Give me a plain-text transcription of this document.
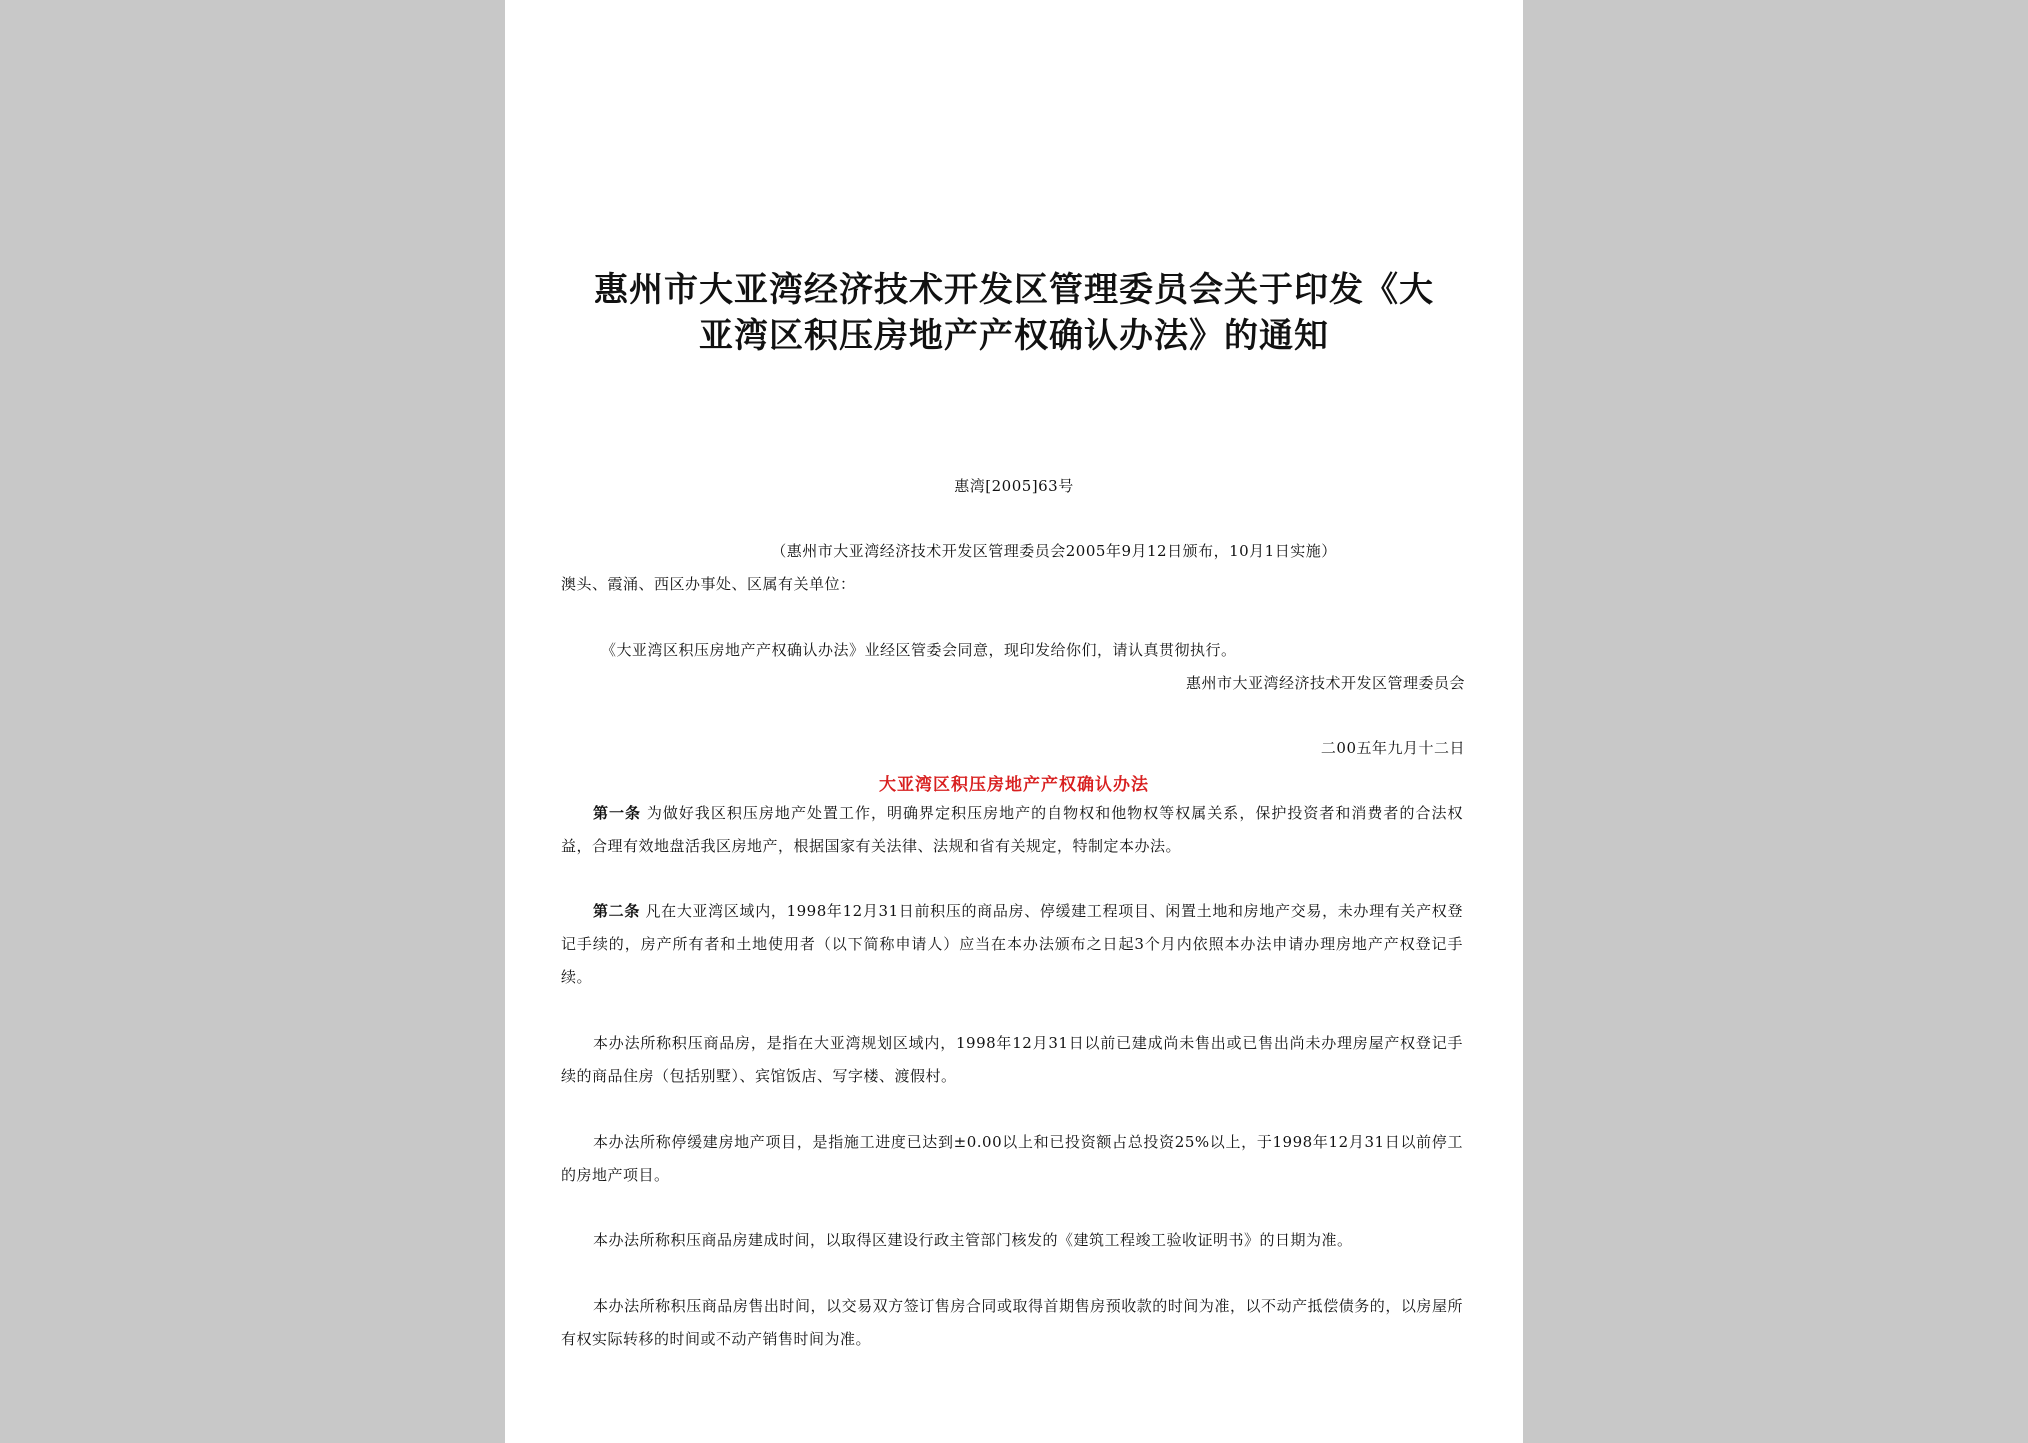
惠州市大亚湾经济技术开发区管理委员会关于印发《大
亚湾区积压房地产产权确认办法》的通知
惠湾[2005]63号
（惠州市大亚湾经济技术开发区管理委员会2005年9月12日颁布，10月1日实施）
澳头、霞涌、西区办事处、区属有关单位：
《大亚湾区积压房地产产权确认办法》业经区管委会同意，现印发给你们，请认真贯彻执行。
惠州市大亚湾经济技术开发区管理委员会
二00五年九月十二日
大亚湾区积压房地产产权确认办法

第一条 为做好我区积压房地产处置工作，明确界定积压房地产的自物权和他物权等权属关系，保护投资者和消费者的合法权益，合理有效地盘活我区房地产，根据国家有关法律、法规和省有关规定，特制定本办法。

第二条 凡在大亚湾区域内，1998年12月31日前积压的商品房、停缓建工程项目、闲置土地和房地产交易，未办理有关产权登记手续的，房产所有者和土地使用者（以下简称申请人）应当在本办法颁布之日起3个月内依照本办法申请办理房地产产权登记手续。

本办法所称积压商品房，是指在大亚湾规划区域内，1998年12月31日以前已建成尚未售出或已售出尚未办理房屋产权登记手续的商品住房（包括别墅）、宾馆饭店、写字楼、渡假村。

本办法所称停缓建房地产项目，是指施工进度已达到±0.00以上和已投资额占总投资25%以上，于1998年12月31日以前停工的房地产项目。

本办法所称积压商品房建成时间，以取得区建设行政主管部门核发的《建筑工程竣工验收证明书》的日期为准。

本办法所称积压商品房售出时间，以交易双方签订售房合同或取得首期售房预收款的时间为准，以不动产抵偿债务的，以房屋所有权实际转移的时间或不动产销售时间为准。
